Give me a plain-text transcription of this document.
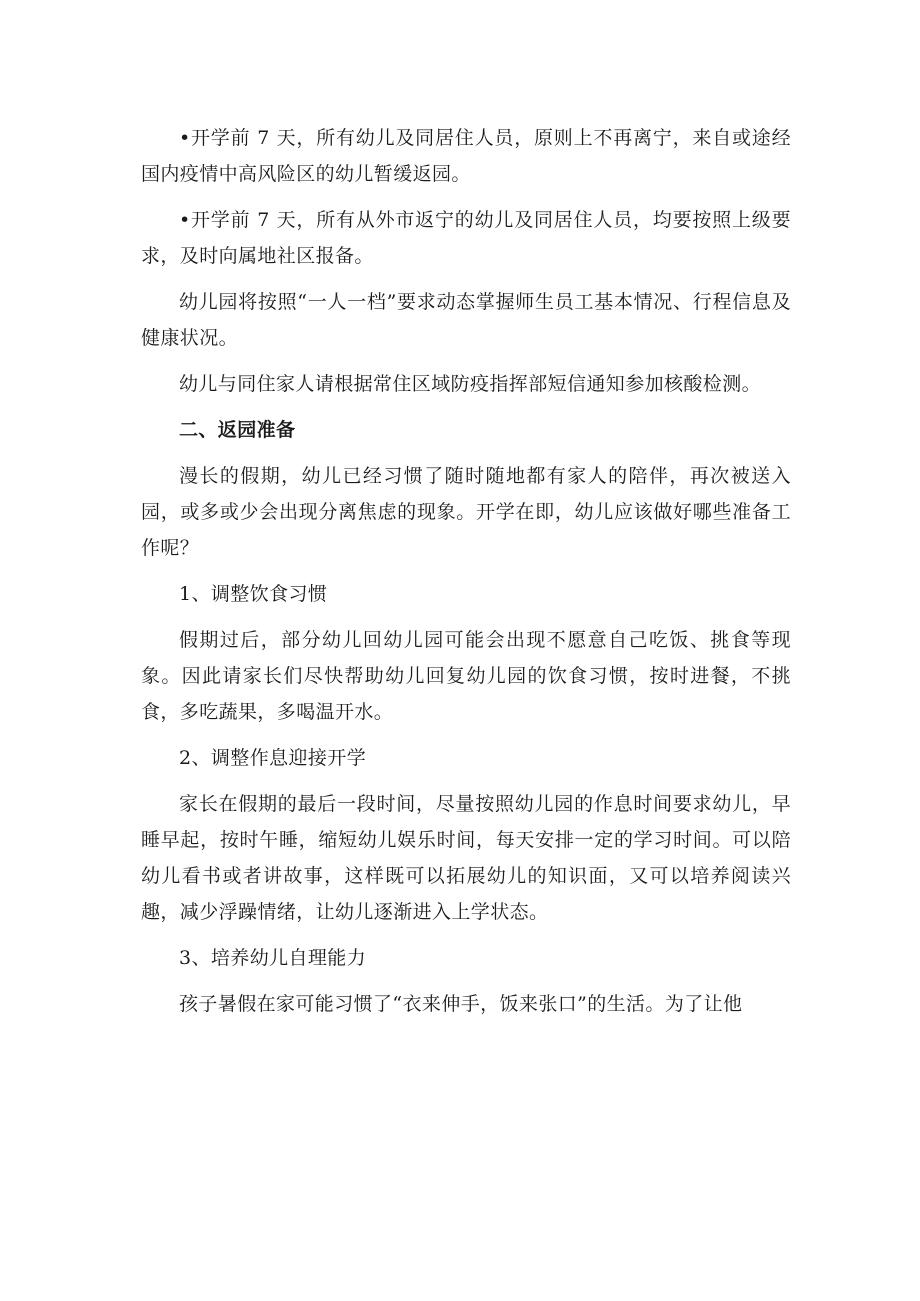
•开学前 7 天，所有幼儿及同居住人员，原则上不再离宁，来自或途经国内疫情中高风险区的幼儿暂缓返园。

•开学前 7 天，所有从外市返宁的幼儿及同居住人员，均要按照上级要求，及时向属地社区报备。

幼儿园将按照“一人一档”要求动态掌握师生员工基本情况、行程信息及健康状况。

幼儿与同住家人请根据常住区域防疫指挥部短信通知参加核酸检测。

二、返园准备

漫长的假期，幼儿已经习惯了随时随地都有家人的陪伴，再次被送入园，或多或少会出现分离焦虑的现象。开学在即，幼儿应该做好哪些准备工作呢？

1、调整饮食习惯

假期过后，部分幼儿回幼儿园可能会出现不愿意自己吃饭、挑食等现象。因此请家长们尽快帮助幼儿回复幼儿园的饮食习惯，按时进餐，不挑食，多吃蔬果，多喝温开水。

2、调整作息迎接开学

家长在假期的最后一段时间，尽量按照幼儿园的作息时间要求幼儿，早睡早起，按时午睡，缩短幼儿娱乐时间，每天安排一定的学习时间。可以陪幼儿看书或者讲故事，这样既可以拓展幼儿的知识面，又可以培养阅读兴趣，减少浮躁情绪，让幼儿逐渐进入上学状态。

3、培养幼儿自理能力

孩子暑假在家可能习惯了“衣来伸手，饭来张口”的生活。为了让他
